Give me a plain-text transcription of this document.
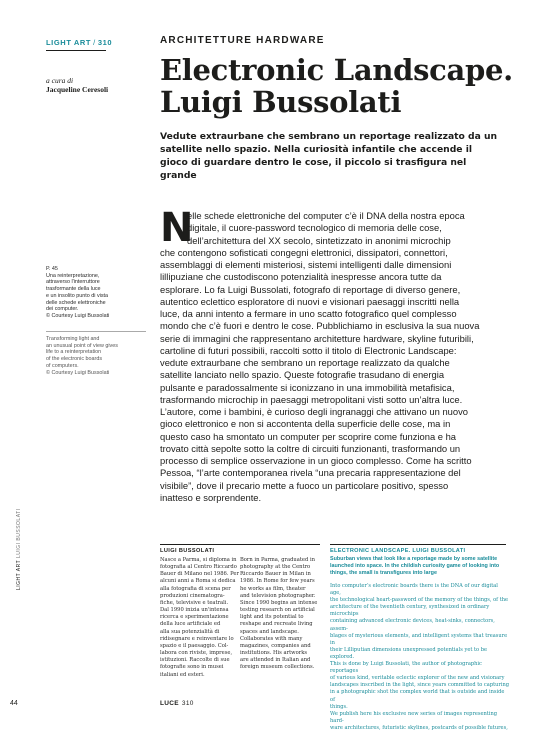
LIGHT ART / 310	ARCHITETTURE HARDWARE
a cura di
Jacqueline Ceresoli
Electronic Landscape.
Luigi Bussolati
Vedute extraurbane che sembrano un reportage realizzato da un satellite nello spazio. Nella curiosità infantile che accende il gioco di guardare dentro le cose, il piccolo si trasfigura nel grande
P. 45
Una reinterpretazione,
attraverso l'interruttore
trasformante della luce
e un insolito punto di vista
delle schede elettroniche
dei computer.
© Courtesy Luigi Bussolati
Transforming light and
an unusual point of view gives
life to a reinterpretation
of the electronic boards
of computers.
© Courtesy Luigi Bussolati
N
elle schede elettroniche del computer c’è il DNA della nostra epoca
digitale, il cuore-password tecnologico di memoria delle cose,
dell’architettura del XX secolo, sintetizzato in anonimi microchip
che contengono sofisticati congegni elettronici, dissipatori, connettori,
assemblaggi di elementi misteriosi, sistemi intelligenti dalle dimensioni
lillipuziane che custodiscono potenzialità inespresse ancora tutte da
esplorare. Lo fa Luigi Bussolati, fotografo di reportage di diverso genere,
autentico eclettico esploratore di nuovi e visionari paesaggi inscritti nella
luce, da anni intento a fermare in uno scatto fotografico quel complesso
mondo che c’è fuori e dentro le cose. Pubblichiamo in esclusiva la sua nuova
serie di immagini che rappresentano architetture hardware, skyline futuribili,
cartoline di futuri possibili, raccolti sotto il titolo di Electronic Landscape:
vedute extraurbane che sembrano un reportage realizzato da qualche
satellite lanciato nello spazio. Queste fotografie trasudano di energia
pulsante e paradossalmente si iconizzano in una immobilità metafisica,
trasformando microchip in paesaggi metropolitani visti sotto un’altra luce.
L’autore, come i bambini, è curioso degli ingranaggi che attivano un nuovo
gioco elettronico e non si accontenta della superficie delle cose, ma in
questo caso ha smontato un computer per scoprire come funziona e ha
trovato città sepolte sotto la coltre di circuiti funzionanti, trasformando un
processo di semplice osservazione in un gioco complesso. Come ha scritto
Pessoa, “l’arte contemporanea rivela “una precaria rappresentazione del
visibile”, dove il precario mette a fuoco un particolare positivo, spesso
inatteso e sorprendente.
LUIGI BUSSOLATI
Nasce a Parma, si diploma in
fotografia al Centro Riccardo
Bauer di Milano nel 1986. Per
alcuni anni a Roma si dedica
alla fotografia di scena per
produzioni cinematogra-
fiche, televisive e teatrali.
Dal 1990 inizia un'intensa
ricerca e sperimentazione
della luce artificiale ed
alla sua potenzialità di
ridisegnare e reinventare lo
spazio e il paesaggio. Col-
labora con riviste, imprese,
istituzioni. Raccolte di sue
fotografie sono in musei
italiani ed esteri.
Born in Parma, graduated in
photography at the Centro
Riccardo Bauer in Milan in
1986. In Rome for few years
he works as film, theater
and television photographer.
Since 1990 begins an intense
testing research on artificial
light and its potential to
reshape and recreate living
spaces and landscape.
Collaborates with many
magazines, companies and
institutions. His artworks
are attended in Italian and
foreign museum collections.
ELECTRONIC LANDSCAPE. LUIGI BUSSOLATI
Suburban views that look like a reportage made by some satellite
launched into space. In the childish curiosity game of looking into
things, the small is transfigures into large
Into computer’s electronic boards there is the DNA of our digital age,
the technological heart-password of the memory of the things, of the
architecture of the twentieth century, synthesized in ordinary microchips
containing advanced electronic devices, heat-sinks, connectors, assem-
blages of mysterious elements, and intelligent systems that treasure in
their Lilliputian dimensions unexpressed potentials yet to be explored.
This is done by Luigi Bussolati, the author of photographic reportages
of various kind, veritable eclectic explorer of the new and visionary
landscapes inscribed in the light, since years committed to capturing
in a photographic shot the complex world that is outside and inside of
things.
We publish here his exclusive new series of images representing hard-
ware architectures, futuristic skylines, postcards of possible futures,
LIGHT ART LUIGI BUSSOLATI
44	LUCE 310
